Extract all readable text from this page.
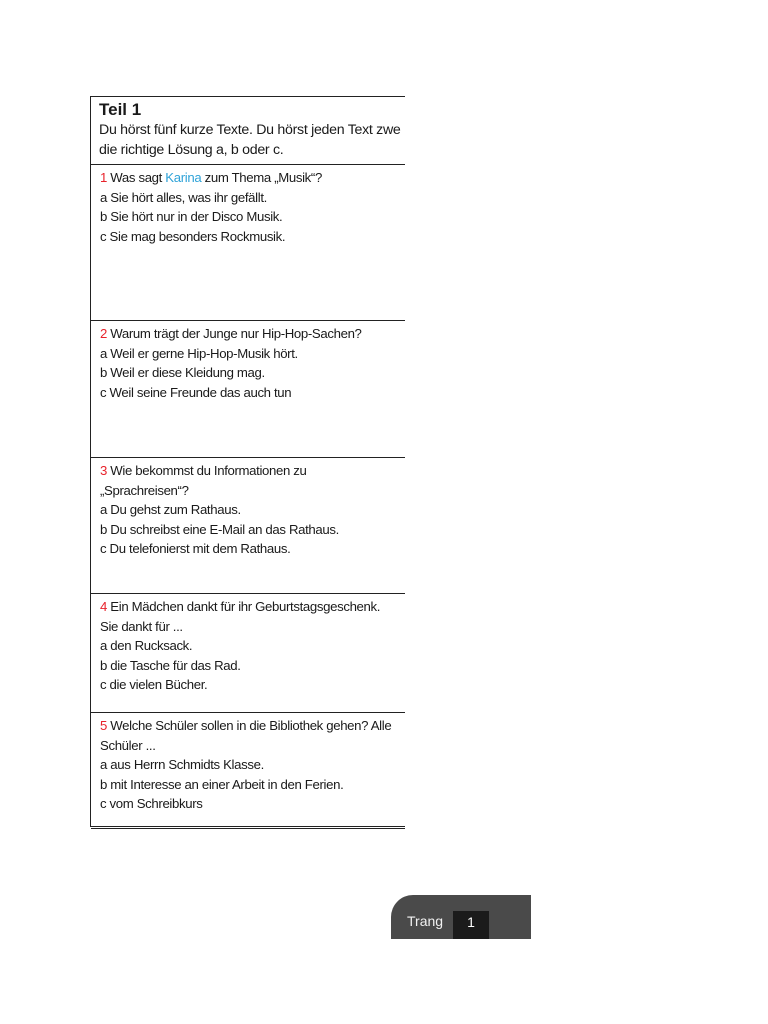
Teil 1
Du hörst fünf kurze Texte. Du hörst jeden Text zwe
die richtige Lösung a, b oder c.
1 Was sagt Karina zum Thema „Musik“?
a Sie hört alles, was ihr gefällt.
b Sie hört nur in der Disco Musik.
c Sie mag besonders Rockmusik.
2 Warum trägt der Junge nur Hip-Hop-Sachen?
a Weil er gerne Hip-Hop-Musik hört.
b Weil er diese Kleidung mag.
c Weil seine Freunde das auch tun
3 Wie bekommst du Informationen zu
„Sprachreisen“?
a Du gehst zum Rathaus.
b Du schreibst eine E-Mail an das Rathaus.
c Du telefonierst mit dem Rathaus.
4 Ein Mädchen dankt für ihr Geburtstagsgeschenk.
Sie dankt für ...
a den Rucksack.
b die Tasche für das Rad.
c die vielen Bücher.
5 Welche Schüler sollen in die Bibliothek gehen? Alle
Schüler ...
a aus Herrn Schmidts Klasse.
b mit Interesse an einer Arbeit in den Ferien.
c vom Schreibkurs
Trang	1
